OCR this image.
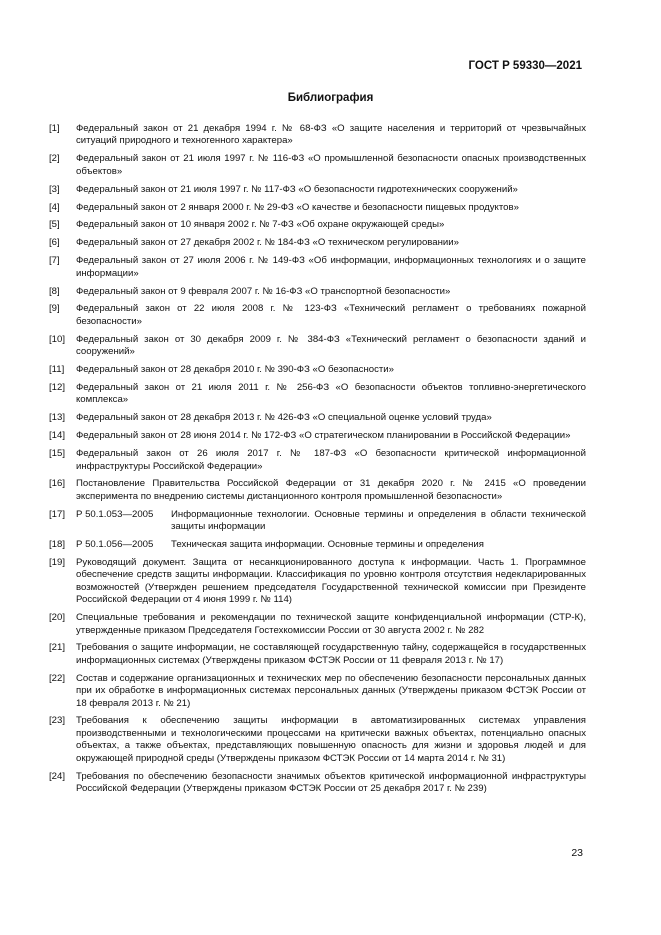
ГОСТ Р 59330—2021
Библиография
[1]	Федеральный закон от 21 декабря 1994 г. № 68-ФЗ «О защите населения и территорий от чрезвычайных ситуаций природного и техногенного характера»
[2]	Федеральный закон от 21 июля 1997 г. № 116-ФЗ «О промышленной безопасности опасных производственных объектов»
[3]	Федеральный закон от 21 июля 1997 г. № 117-ФЗ «О безопасности гидротехнических сооружений»
[4]	Федеральный закон от 2 января 2000 г. № 29-ФЗ «О качестве и безопасности пищевых продуктов»
[5]	Федеральный закон от 10 января 2002 г. № 7-ФЗ «Об охране окружающей среды»
[6]	Федеральный закон от 27 декабря 2002 г. № 184-ФЗ «О техническом регулировании»
[7]	Федеральный закон от 27 июля 2006 г. № 149-ФЗ «Об информации, информационных технологиях и о защите информации»
[8]	Федеральный закон от 9 февраля 2007 г. № 16-ФЗ «О транспортной безопасности»
[9]	Федеральный закон от 22 июля 2008 г. № 123-ФЗ «Технический регламент о требованиях пожарной безопасности»
[10]	Федеральный закон от 30 декабря 2009 г. № 384-ФЗ «Технический регламент о безопасности зданий и сооружений»
[11]	Федеральный закон от 28 декабря 2010 г. № 390-ФЗ «О безопасности»
[12]	Федеральный закон от 21 июля 2011 г. № 256-ФЗ «О безопасности объектов топливно-энергетического комплекса»
[13]	Федеральный закон от 28 декабря 2013 г. № 426-ФЗ «О специальной оценке условий труда»
[14]	Федеральный закон от 28 июня 2014 г. № 172-ФЗ «О стратегическом планировании в Российской Федерации»
[15]	Федеральный закон от 26 июля 2017 г. № 187-ФЗ «О безопасности критической информационной инфраструктуры Российской Федерации»
[16]	Постановление Правительства Российской Федерации от 31 декабря 2020 г. № 2415 «О проведении эксперимента по внедрению системы дистанционного контроля промышленной безопасности»
[17]	Р 50.1.053—2005	Информационные технологии. Основные термины и определения в области технической защиты информации
[18]	Р 50.1.056—2005	Техническая защита информации. Основные термины и определения
[19]	Руководящий документ. Защита от несанкционированного доступа к информации. Часть 1. Программное обеспечение средств защиты информации. Классификация по уровню контроля отсутствия недекларированных возможностей (Утвержден решением председателя Государственной технической комиссии при Президенте Российской Федерации от 4 июня 1999 г. № 114)
[20]	Специальные требования и рекомендации по технической защите конфиденциальной информации (СТР-К), утвержденные приказом Председателя Гостехкомиссии России от 30 августа 2002 г. № 282
[21]	Требования о защите информации, не составляющей государственную тайну, содержащейся в государственных информационных системах (Утверждены приказом ФСТЭК России от 11 февраля 2013 г. № 17)
[22]	Состав и содержание организационных и технических мер по обеспечению безопасности персональных данных при их обработке в информационных системах персональных данных (Утверждены приказом ФСТЭК России от 18 февраля 2013 г. № 21)
[23]	Требования к обеспечению защиты информации в автоматизированных системах управления производственными и технологическими процессами на критически важных объектах, потенциально опасных объектах, а также объектах, представляющих повышенную опасность для жизни и здоровья людей и для окружающей природной среды (Утверждены приказом ФСТЭК России от 14 марта 2014 г. № 31)
[24]	Требования по обеспечению безопасности значимых объектов критической информационной инфраструктуры Российской Федерации (Утверждены приказом ФСТЭК России от 25 декабря 2017 г. № 239)
23
